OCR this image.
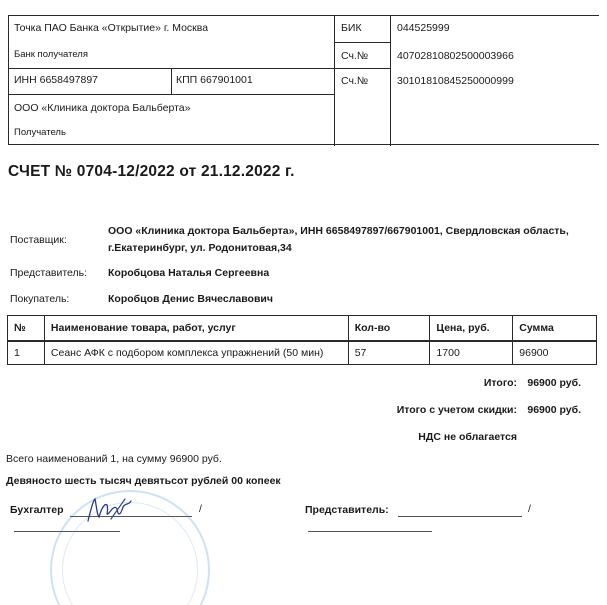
Точка ПАО Банка «Открытие» г. Москва
Банк получателя
БИК	044525999
Сч.№	40702810802500003966
ИНН 6658497897	КПП 667901001	Сч.№	30101810845250000999
ООО «Клиника доктора Бальберта»
Получатель
СЧЕТ № 0704-12/2022 от 21.12.2022 г.
Поставщик:
ООО «Клиника доктора Бальберта», ИНН 6658497897/667901001, Свердловская область,
г.Екатеринбург, ул. Родонитовая,34
Представитель: Коробцова Наталья Сергеевна
Покупатель:	Коробцов Денис Вячеславович
№	Наименование товара, работ, услуг	Кол-во	Цена, руб.	Сумма
1	Сеанс АФК с подбором комплекса упражнений (50 мин)	57	1700	96900
Итого: 96900 руб.
Итого с учетом скидки: 96900 руб.
НДС не облагается
Всего наименований 1, на сумму 96900 руб.
Девяносто шесть тысяч девятьсот рублей 00 копеек
Бухгалтер	/	Представитель:	/
